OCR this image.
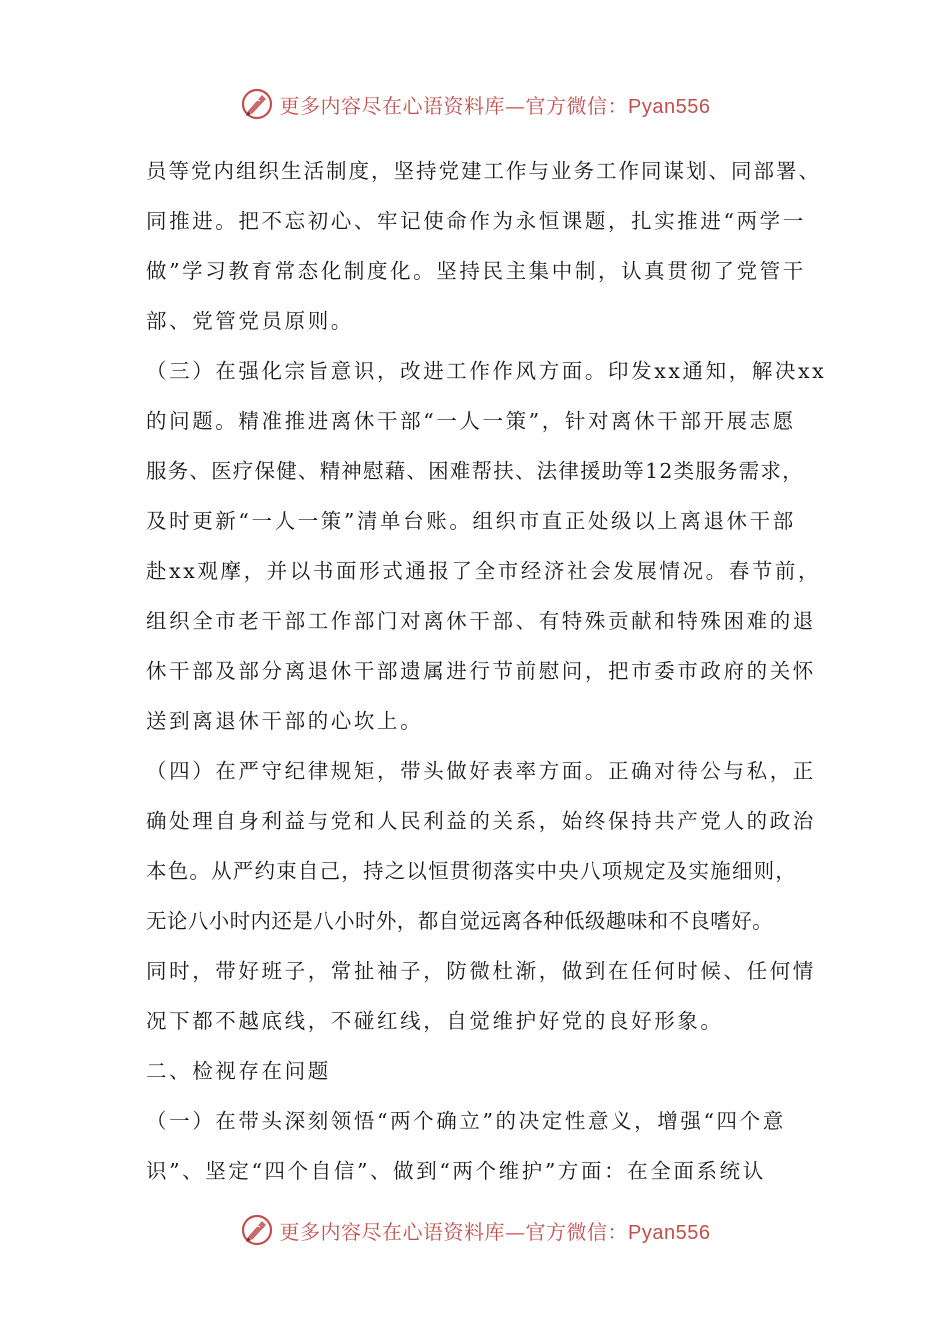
更多内容尽在心语资料库—官方微信：Pyan556
员等党内组织生活制度，坚持党建工作与业务工作同谋划、同部署、
同推进。把不忘初心、牢记使命作为永恒课题，扎实推进“两学一
做”学习教育常态化制度化。坚持民主集中制，认真贯彻了党管干
部、党管党员原则。
（三）在强化宗旨意识，改进工作作风方面。印发xx通知，解决xx
的问题。精准推进离休干部“一人一策”，针对离休干部开展志愿
服务、医疗保健、精神慰藉、困难帮扶、法律援助等12类服务需求，
及时更新“一人一策”清单台账。组织市直正处级以上离退休干部
赴xx观摩，并以书面形式通报了全市经济社会发展情况。春节前，
组织全市老干部工作部门对离休干部、有特殊贡献和特殊困难的退
休干部及部分离退休干部遗属进行节前慰问，把市委市政府的关怀
送到离退休干部的心坎上。
（四）在严守纪律规矩，带头做好表率方面。正确对待公与私，正
确处理自身利益与党和人民利益的关系，始终保持共产党人的政治
本色。从严约束自己，持之以恒贯彻落实中央八项规定及实施细则，
无论八小时内还是八小时外，都自觉远离各种低级趣味和不良嗜好。
同时，带好班子，常扯袖子，防微杜渐，做到在任何时候、任何情
况下都不越底线，不碰红线，自觉维护好党的良好形象。
二、检视存在问题
（一）在带头深刻领悟“两个确立”的决定性意义，增强“四个意
识”、坚定“四个自信”、做到“两个维护”方面：在全面系统认
更多内容尽在心语资料库—官方微信：Pyan556
